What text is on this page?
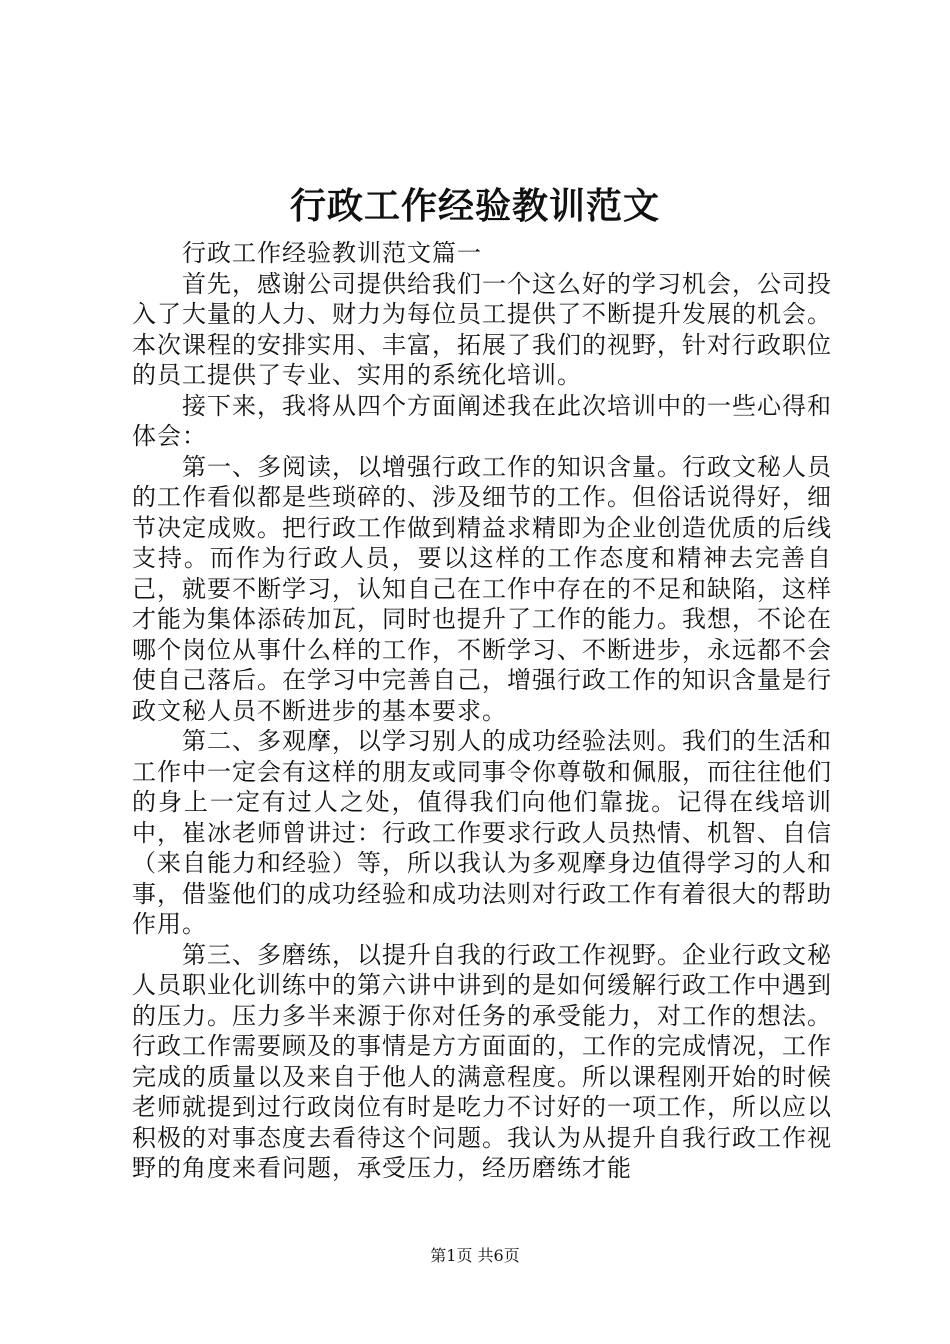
行政工作经验教训范文

行政工作经验教训范文篇一

首先，感谢公司提供给我们一个这么好的学习机会，公司投入了大量的人力、财力为每位员工提供了不断提升发展的机会。本次课程的安排实用、丰富，拓展了我们的视野，针对行政职位的员工提供了专业、实用的系统化培训。

接下来，我将从四个方面阐述我在此次培训中的一些心得和体会：

第一、多阅读，以增强行政工作的知识含量。行政文秘人员的工作看似都是些琐碎的、涉及细节的工作。但俗话说得好，细节决定成败。把行政工作做到精益求精即为企业创造优质的后线支持。而作为行政人员，要以这样的工作态度和精神去完善自己，就要不断学习，认知自己在工作中存在的不足和缺陷，这样才能为集体添砖加瓦，同时也提升了工作的能力。我想，不论在哪个岗位从事什么样的工作，不断学习、不断进步，永远都不会使自己落后。在学习中完善自己，增强行政工作的知识含量是行政文秘人员不断进步的基本要求。

第二、多观摩，以学习别人的成功经验法则。我们的生活和工作中一定会有这样的朋友或同事令你尊敬和佩服，而往往他们的身上一定有过人之处，值得我们向他们靠拢。记得在线培训中，崔冰老师曾讲过：行政工作要求行政人员热情、机智、自信（来自能力和经验）等，所以我认为多观摩身边值得学习的人和事，借鉴他们的成功经验和成功法则对行政工作有着很大的帮助作用。

第三、多磨练，以提升自我的行政工作视野。企业行政文秘人员职业化训练中的第六讲中讲到的是如何缓解行政工作中遇到的压力。压力多半来源于你对任务的承受能力，对工作的想法。行政工作需要顾及的事情是方方面面的，工作的完成情况，工作完成的质量以及来自于他人的满意程度。所以课程刚开始的时候老师就提到过行政岗位有时是吃力不讨好的一项工作，所以应以积极的对事态度去看待这个问题。我认为从提升自我行政工作视野的角度来看问题，承受压力，经历磨练才能

第1页 共6页
